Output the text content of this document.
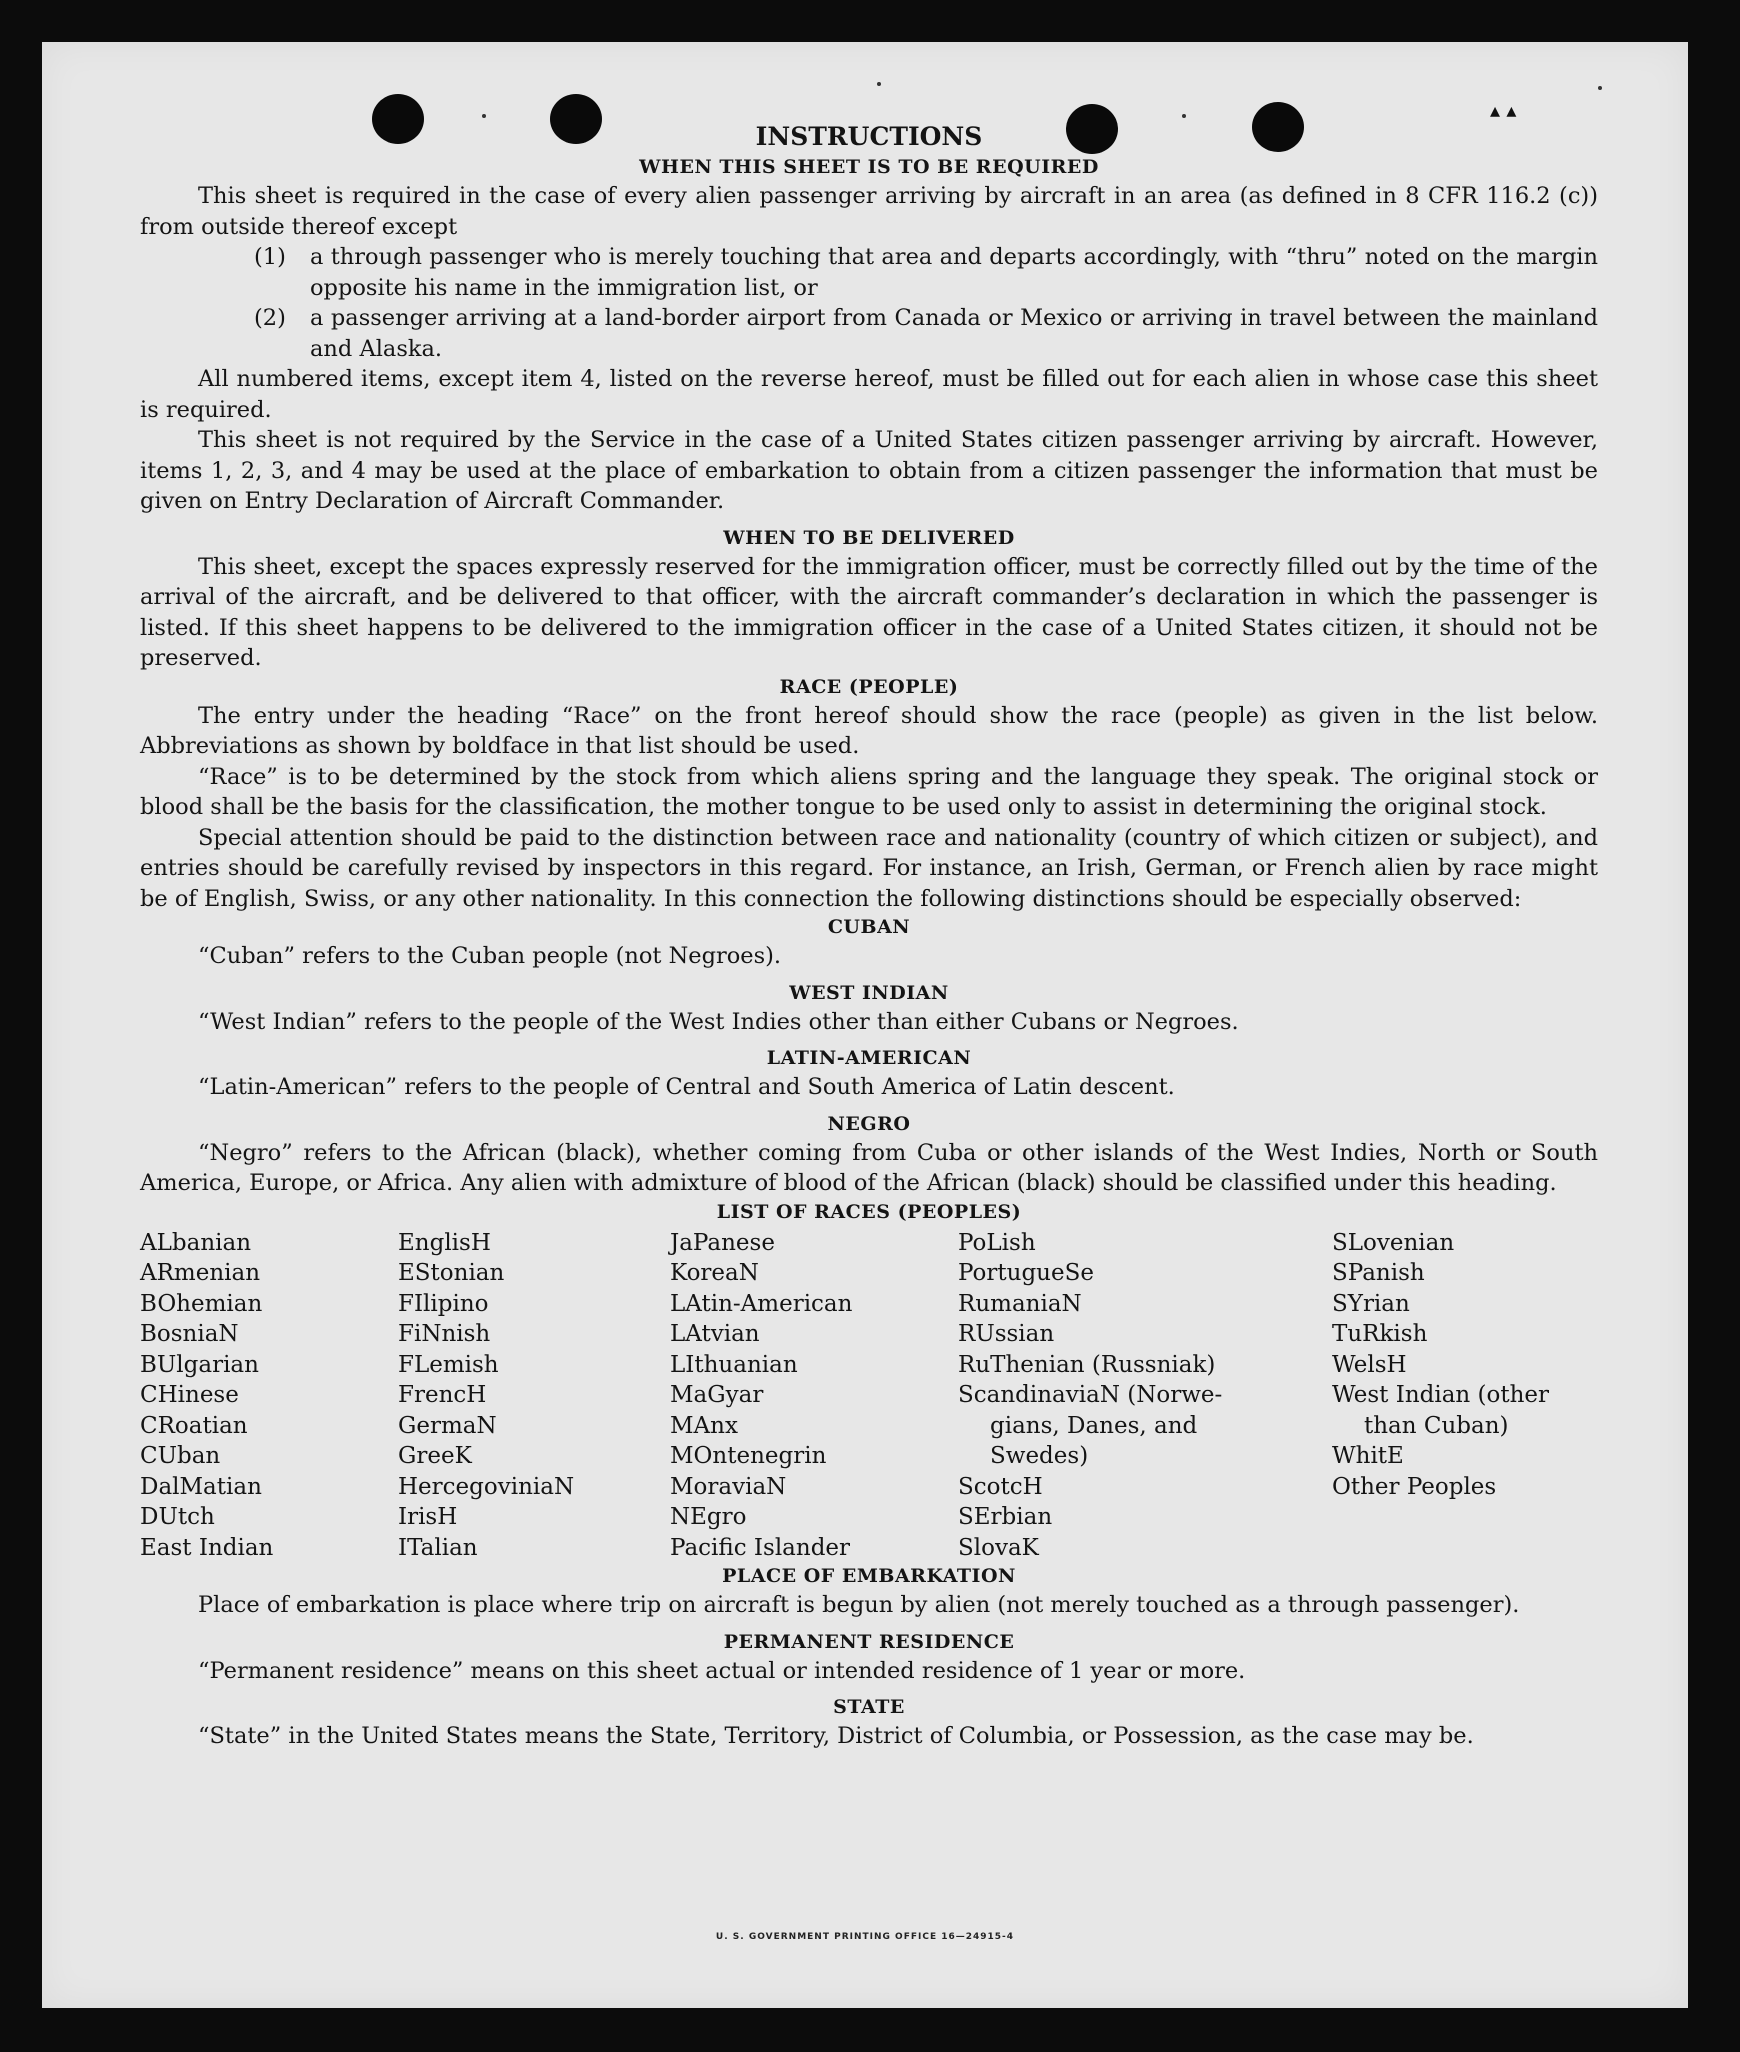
▴ ▴
INSTRUCTIONS
WHEN THIS SHEET IS TO BE REQUIRED

This sheet is required in the case of every alien passenger arriving by aircraft in an area (as defined in 8 CFR 116.2 (c)) from outside thereof except

(1)	a through passenger who is merely touching that area and departs accordingly, with “thru” noted on the margin opposite his name in the immigration list, or
(2)	a passenger arriving at a land-border airport from Canada or Mexico or arriving in travel between the mainland and Alaska.

All numbered items, except item 4, listed on the reverse hereof, must be filled out for each alien in whose case this sheet is required.

This sheet is not required by the Service in the case of a United States citizen passenger arriving by aircraft. However, items 1, 2, 3, and 4 may be used at the place of embarkation to obtain from a citizen passenger the information that must be given on Entry Declaration of Aircraft Commander.

WHEN TO BE DELIVERED

This sheet, except the spaces expressly reserved for the immigration officer, must be correctly filled out by the time of the arrival of the aircraft, and be delivered to that officer, with the aircraft commander’s declaration in which the passenger is listed. If this sheet happens to be delivered to the immigration officer in the case of a United States citizen, it should not be preserved.

RACE (PEOPLE)

The entry under the heading “Race” on the front hereof should show the race (people) as given in the list below. Abbreviations as shown by boldface in that list should be used.

“Race” is to be determined by the stock from which aliens spring and the language they speak. The original stock or blood shall be the basis for the classification, the mother tongue to be used only to assist in determining the original stock.

Special attention should be paid to the distinction between race and nationality (country of which citizen or subject), and entries should be carefully revised by inspectors in this regard. For instance, an Irish, German, or French alien by race might be of English, Swiss, or any other nationality. In this connection the following distinctions should be especially observed:

CUBAN

“Cuban” refers to the Cuban people (not Negroes).

WEST INDIAN

“West Indian” refers to the people of the West Indies other than either Cubans or Negroes.

LATIN-AMERICAN

“Latin-American” refers to the people of Central and South America of Latin descent.

NEGRO

“Negro” refers to the African (black), whether coming from Cuba or other islands of the West Indies, North or South America, Europe, or Africa. Any alien with admixture of blood of the African (black) should be classified under this heading.

LIST OF RACES (PEOPLES)
ALbanian
ARmenian
BOhemian
BosniaN
BUlgarian
CHinese
CRoatian
CUban
DalMatian
DUtch
East Indian
EnglisH
EStonian
FIlipino
FiNnish
FLemish
FrencH
GermaN
GreeK
HercegoviniaN
IrisH
ITalian
JaPanese
KoreaN
LAtin-American
LAtvian
LIthuanian
MaGyar
MAnx
MOntenegrin
MoraviaN
NEgro
Pacific Islander
PoLish
PortugueSe
RumaniaN
RUssian
RuThenian (Russniak)
ScandinaviaN (Norwe-
gians, Danes, and
Swedes)
ScotcH
SErbian
SlovaK
SLovenian
SPanish
SYrian
TuRkish
WelsH
West Indian (other
than Cuban)
WhitE
Other Peoples
PLACE OF EMBARKATION

Place of embarkation is place where trip on aircraft is begun by alien (not merely touched as a through passenger).

PERMANENT RESIDENCE

“Permanent residence” means on this sheet actual or intended residence of 1 year or more.

STATE

“State” in the United States means the State, Territory, District of Columbia, or Possession, as the case may be.

U. S. GOVERNMENT PRINTING OFFICE 16—24915-4
